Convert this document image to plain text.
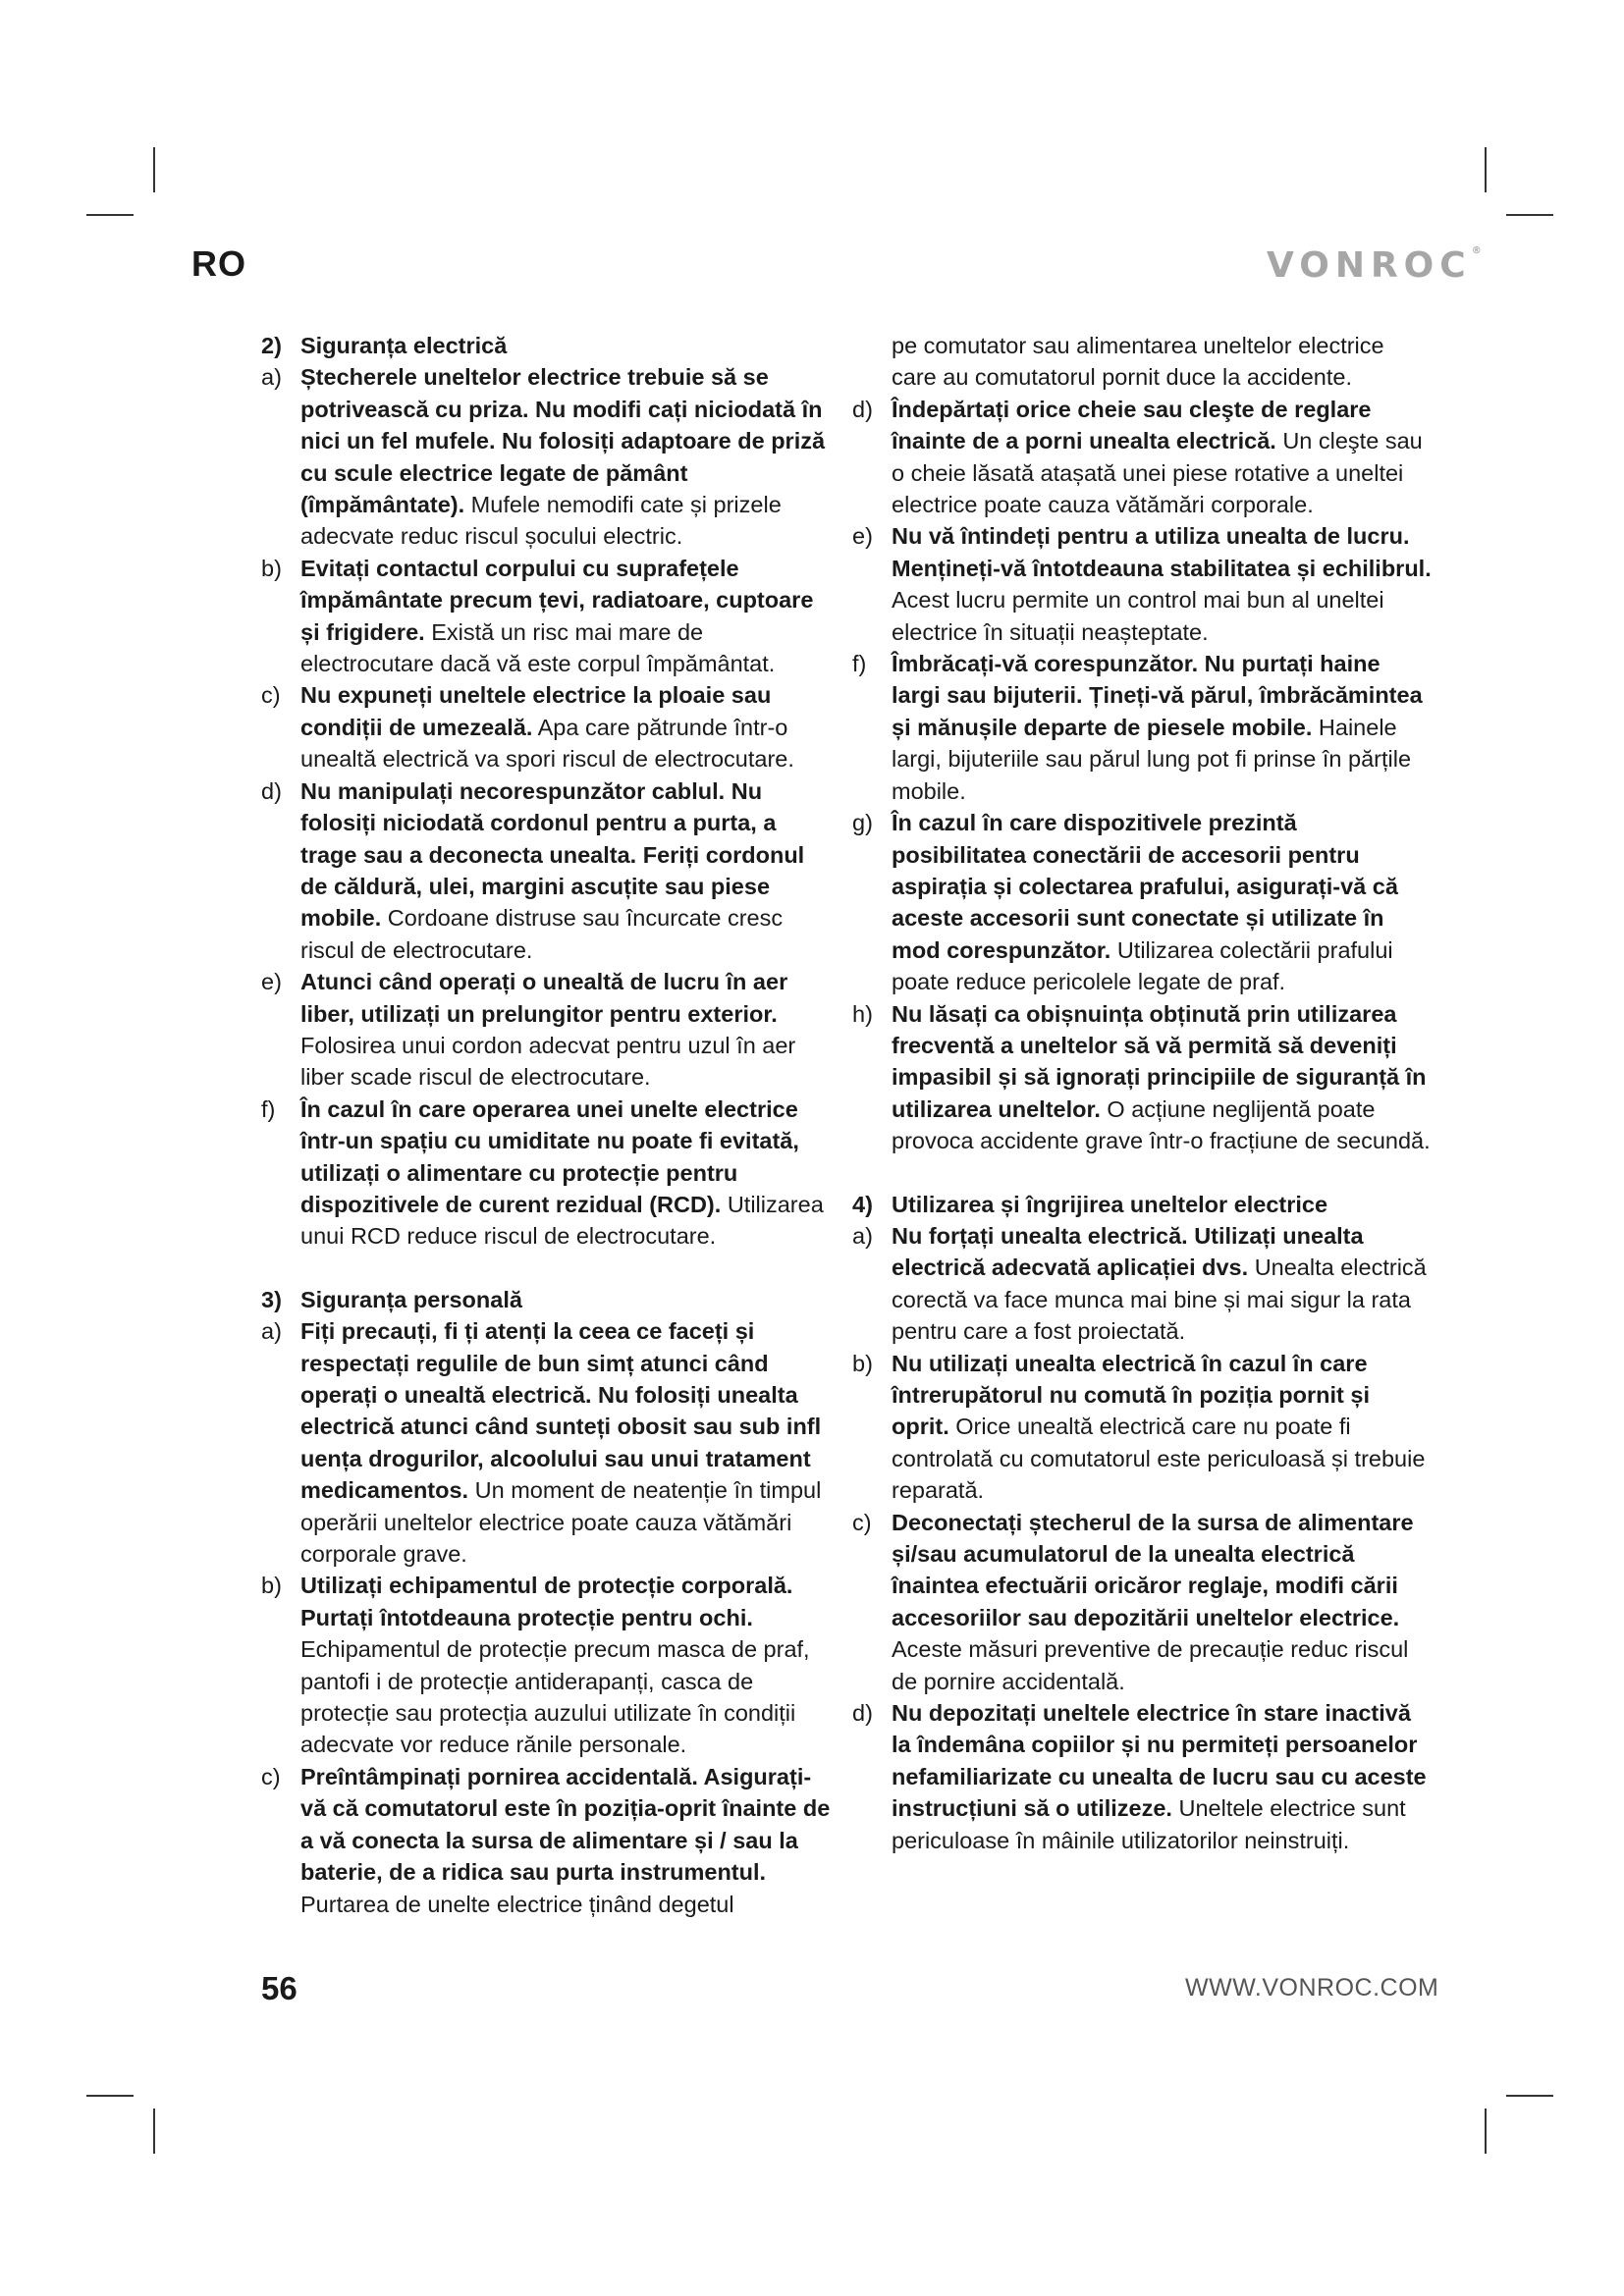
RO	VONROC®
2) Siguranța electrică
a) Ștecherele uneltelor electrice trebuie să se potrivească cu priza. Nu modifi cați niciodată în nici un fel mufele. Nu folosiți adaptoare de priză cu scule electrice legate de pământ (împământate). Mufele nemodifi cate și prizele adecvate reduc riscul șocului electric.

b) Evitați contactul corpului cu suprafețele împământate precum țevi, radiatoare, cuptoare și frigidere. Există un risc mai mare de electrocutare dacă vă este corpul împământat.

c) Nu expuneți uneltele electrice la ploaie sau condiții de umezeală. Apa care pătrunde într-o unealtă electrică va spori riscul de electrocutare.

d) Nu manipulați necorespunzător cablul. Nu folosiți niciodată cordonul pentru a purta, a trage sau a deconecta unealta. Feriți cordonul de căldură, ulei, margini ascuțite sau piese mobile. Cordoane distruse sau încurcate cresc riscul de electrocutare.

e) Atunci când operați o unealtă de lucru în aer liber, utilizați un prelungitor pentru exterior. Folosirea unui cordon adecvat pentru uzul în aer liber scade riscul de electrocutare.

f) În cazul în care operarea unei unelte electrice într-un spațiu cu umiditate nu poate fi evitată, utilizați o alimentare cu protecție pentru dispozitivele de curent rezidual (RCD). Utilizarea unui RCD reduce riscul de electrocutare.

3) Siguranța personală
a) Fiți precauți, fi ți atenți la ceea ce faceți și respectați regulile de bun simț atunci când operați o unealtă electrică. Nu folosiți unealta electrică atunci când sunteți obosit sau sub infl uența drogurilor, alcoolului sau unui tratament medicamentos. Un moment de neatenție în timpul operării uneltelor electrice poate cauza vătămări corporale grave.

b) Utilizați echipamentul de protecție corporală. Purtați întotdeauna protecție pentru ochi. Echipamentul de protecție precum masca de praf, pantofi i de protecție antiderapanți, casca de protecție sau protecția auzului utilizate în condiții adecvate vor reduce rănile personale.

c) Preîntâmpinați pornirea accidentală. Asigurați-vă că comutatorul este în poziția-oprit înainte de a vă conecta la sursa de alimentare și / sau la baterie, de a ridica sau purta instrumentul. Purtarea de unelte electrice ținând degetul

pe comutator sau alimentarea uneltelor electrice care au comutatorul pornit duce la accidente.
d) Îndepărtați orice cheie sau cleşte de reglare înainte de a porni unealta electrică. Un cleşte sau o cheie lăsată atașată unei piese rotative a uneltei electrice poate cauza vătămări corporale.

e) Nu vă întindeți pentru a utiliza unealta de lucru. Mențineți-vă întotdeauna stabilitatea și echilibrul. Acest lucru permite un control mai bun al uneltei electrice în situații neașteptate.

f) Îmbrăcați-vă corespunzător. Nu purtați haine largi sau bijuterii. Țineți-vă părul, îmbrăcămintea și mănușile departe de piesele mobile. Hainele largi, bijuteriile sau părul lung pot fi prinse în părțile mobile.

g) În cazul în care dispozitivele prezintă posibilitatea conectării de accesorii pentru aspirația și colectarea prafului, asigurați-vă că aceste accesorii sunt conectate și utilizate în mod corespunzător. Utilizarea colectării prafului poate reduce pericolele legate de praf.

h) Nu lăsați ca obișnuința obținută prin utilizarea frecventă a uneltelor să vă permită să deveniți impasibil și să ignorați principiile de siguranță în utilizarea uneltelor. O acțiune neglijentă poate provoca accidente grave într-o fracțiune de secundă.

4) Utilizarea și îngrijirea uneltelor electrice
a) Nu forțați unealta electrică. Utilizați unealta electrică adecvată aplicației dvs. Unealta electrică corectă va face munca mai bine și mai sigur la rata pentru care a fost proiectată.

b) Nu utilizați unealta electrică în cazul în care întrerupătorul nu comută în poziția pornit și oprit. Orice unealtă electrică care nu poate fi controlată cu comutatorul este periculoasă și trebuie reparată.

c) Deconectați ștecherul de la sursa de alimentare și/sau acumulatorul de la unealta electrică înaintea efectuării oricăror reglaje, modifi cării accesoriilor sau depozitării uneltelor electrice. Aceste măsuri preventive de precauție reduc riscul de pornire accidentală.

d) Nu depozitați uneltele electrice în stare inactivă la îndemâna copiilor și nu permiteți persoanelor nefamiliarizate cu unealta de lucru sau cu aceste instrucțiuni să o utilizeze. Uneltele electrice sunt periculoase în mâinile utilizatorilor neinstruiți.

56	WWW.VONROC.COM
